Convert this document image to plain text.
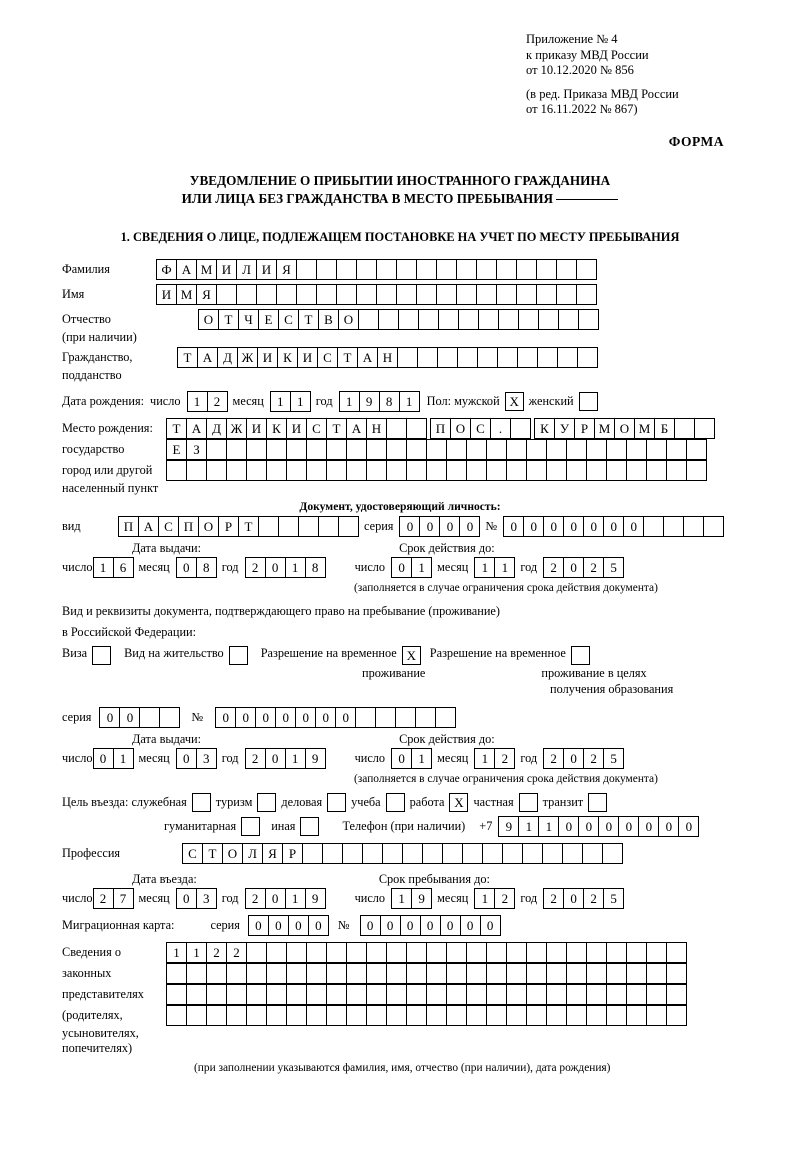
Приложение № 4
к приказу МВД России
от 10.12.2020 № 856
(в ред. Приказа МВД России
от 16.11.2022 № 867)
ФОРМА
УВЕДОМЛЕНИЕ О ПРИБЫТИИ ИНОСТРАННОГО ГРАЖДАНИНА
ИЛИ ЛИЦА БЕЗ ГРАЖДАНСТВА В МЕСТО ПРЕБЫВАНИЯ
1. СВЕДЕНИЯ О ЛИЦЕ, ПОДЛЕЖАЩЕМ ПОСТАНОВКЕ НА УЧЕТ ПО МЕСТУ ПРЕБЫВАНИЯ
Фамилия	Ф А М И Л И Я
Имя	И М Я
Отчество	О Т Ч Е С Т В О
(при наличии)
Гражданство,	Т А Д Ж И К И С Т А Н
подданство
Дата рождения: число	1	2 месяц	1	1 год	1	9	8	1	Пол: мужской X женский
Место рождения:	Т А Д Ж И К И С Т А Н	П О С	.	К У Р М О М Б
государство	Е З
город или другой
населенный пункт
Документ, удостоверяющий личность:
вид	П А С П О Р Т	серия	0	0	0	0 №	0	0	0	0	0	0	0
Дата выдачи:	Срок действия до:
число 1	6 месяц	0	8 год	2	0	1	8	число	0	1 месяц	1	1 год	2	0	2	5
(заполняется в случае ограничения срока действия документа)
Вид и реквизиты документа, подтверждающего право на пребывание (проживание)
в Российской Федерации:
Виза	Вид на жительство	Разрешение на временное X	Разрешение на временное
проживание	проживание в целях
получения образования
серия	0	0	№	0	0	0	0	0	0	0
Дата выдачи:	Срок действия до:
число 0	1 месяц	0	3 год	2	0	1	9	число	0	1 месяц	1	2 год	2	0	2	5
(заполняется в случае ограничения срока действия документа)
Цель въезда: служебная туризм деловая учеба работа X частная транзит
гуманитарная	иная	Телефон (при наличии) +7	9	1	1	0	0	0	0	0	0	0
Профессия	С Т О Л Я Р
Дата въезда:	Срок пребывания до:
число 2	7 месяц	0	3 год	2	0	1	9	число	1	9 месяц	1	2 год	2	0	2	5
Миграционная карта:	серия	0	0	0	0	№	0	0	0	0	0	0	0
Сведения о	1	1	2	2
законных
представителях
(родителях,
усыновителях,
попечителях)
(при заполнении указываются фамилия, имя, отчество (при наличии), дата рождения)
